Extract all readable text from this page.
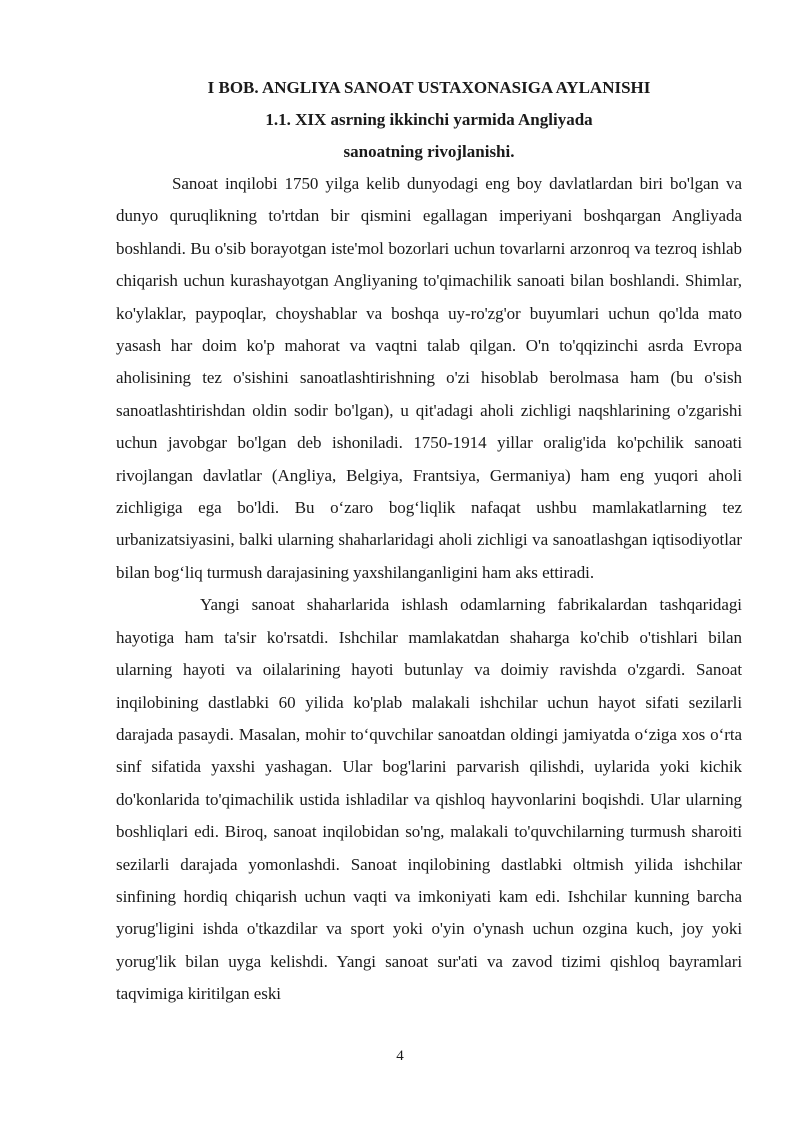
I BOB. ANGLIYA SANOAT USTAXONASIGA AYLANISHI
1.1. XIX asrning ikkinchi yarmida Angliyada
sanoatning rivojlanishi.

Sanoat inqilobi 1750 yilga kelib dunyodagi eng boy davlatlardan biri bo'lgan va dunyo quruqlikning to'rtdan bir qismini egallagan imperiyani boshqargan Angliyada boshlandi. Bu o'sib borayotgan iste'mol bozorlari uchun tovarlarni arzonroq va tezroq ishlab chiqarish uchun kurashayotgan Angliyaning to'qimachilik sanoati bilan boshlandi. Shimlar, ko'ylaklar, paypoqlar, choyshablar va boshqa uy-ro'zg'or buyumlari uchun qo'lda mato yasash har doim ko'p mahorat va vaqtni talab qilgan. O'n to'qqizinchi asrda Evropa aholisining tez o'sishini sanoatlashtirishning o'zi hisoblab berolmasa ham (bu o'sish sanoatlashtirishdan oldin sodir bo'lgan), u qit'adagi aholi zichligi naqshlarining o'zgarishi uchun javobgar bo'lgan deb ishoniladi. 1750-1914 yillar oralig'ida ko'pchilik sanoati rivojlangan davlatlar (Angliya, Belgiya, Frantsiya, Germaniya) ham eng yuqori aholi zichligiga ega bo'ldi. Bu o‘zaro bog‘liqlik nafaqat ushbu mamlakatlarning tez urbanizatsiyasini, balki ularning shaharlaridagi aholi zichligi va sanoatlashgan iqtisodiyotlar bilan bog‘liq turmush darajasining yaxshilanganligini ham aks ettiradi.

Yangi sanoat shaharlarida ishlash odamlarning fabrikalardan tashqaridagi hayotiga ham ta'sir ko'rsatdi. Ishchilar mamlakatdan shaharga ko'chib o'tishlari bilan ularning hayoti va oilalarining hayoti butunlay va doimiy ravishda o'zgardi. Sanoat inqilobining dastlabki 60 yilida ko'plab malakali ishchilar uchun hayot sifati sezilarli darajada pasaydi. Masalan, mohir to‘quvchilar sanoatdan oldingi jamiyatda o‘ziga xos o‘rta sinf sifatida yaxshi yashagan. Ular bog'larini parvarish qilishdi, uylarida yoki kichik do'konlarida to'qimachilik ustida ishladilar va qishloq hayvonlarini boqishdi. Ular ularning boshliqlari edi. Biroq, sanoat inqilobidan so'ng, malakali to'quvchilarning turmush sharoiti sezilarli darajada yomonlashdi. Sanoat inqilobining dastlabki oltmish yilida ishchilar sinfining hordiq chiqarish uchun vaqti va imkoniyati kam edi. Ishchilar kunning barcha yorug'ligini ishda o'tkazdilar va sport yoki o'yin o'ynash uchun ozgina kuch, joy yoki yorug'lik bilan uyga kelishdi. Yangi sanoat sur'ati va zavod tizimi qishloq bayramlari taqvimiga kiritilgan eski

4
